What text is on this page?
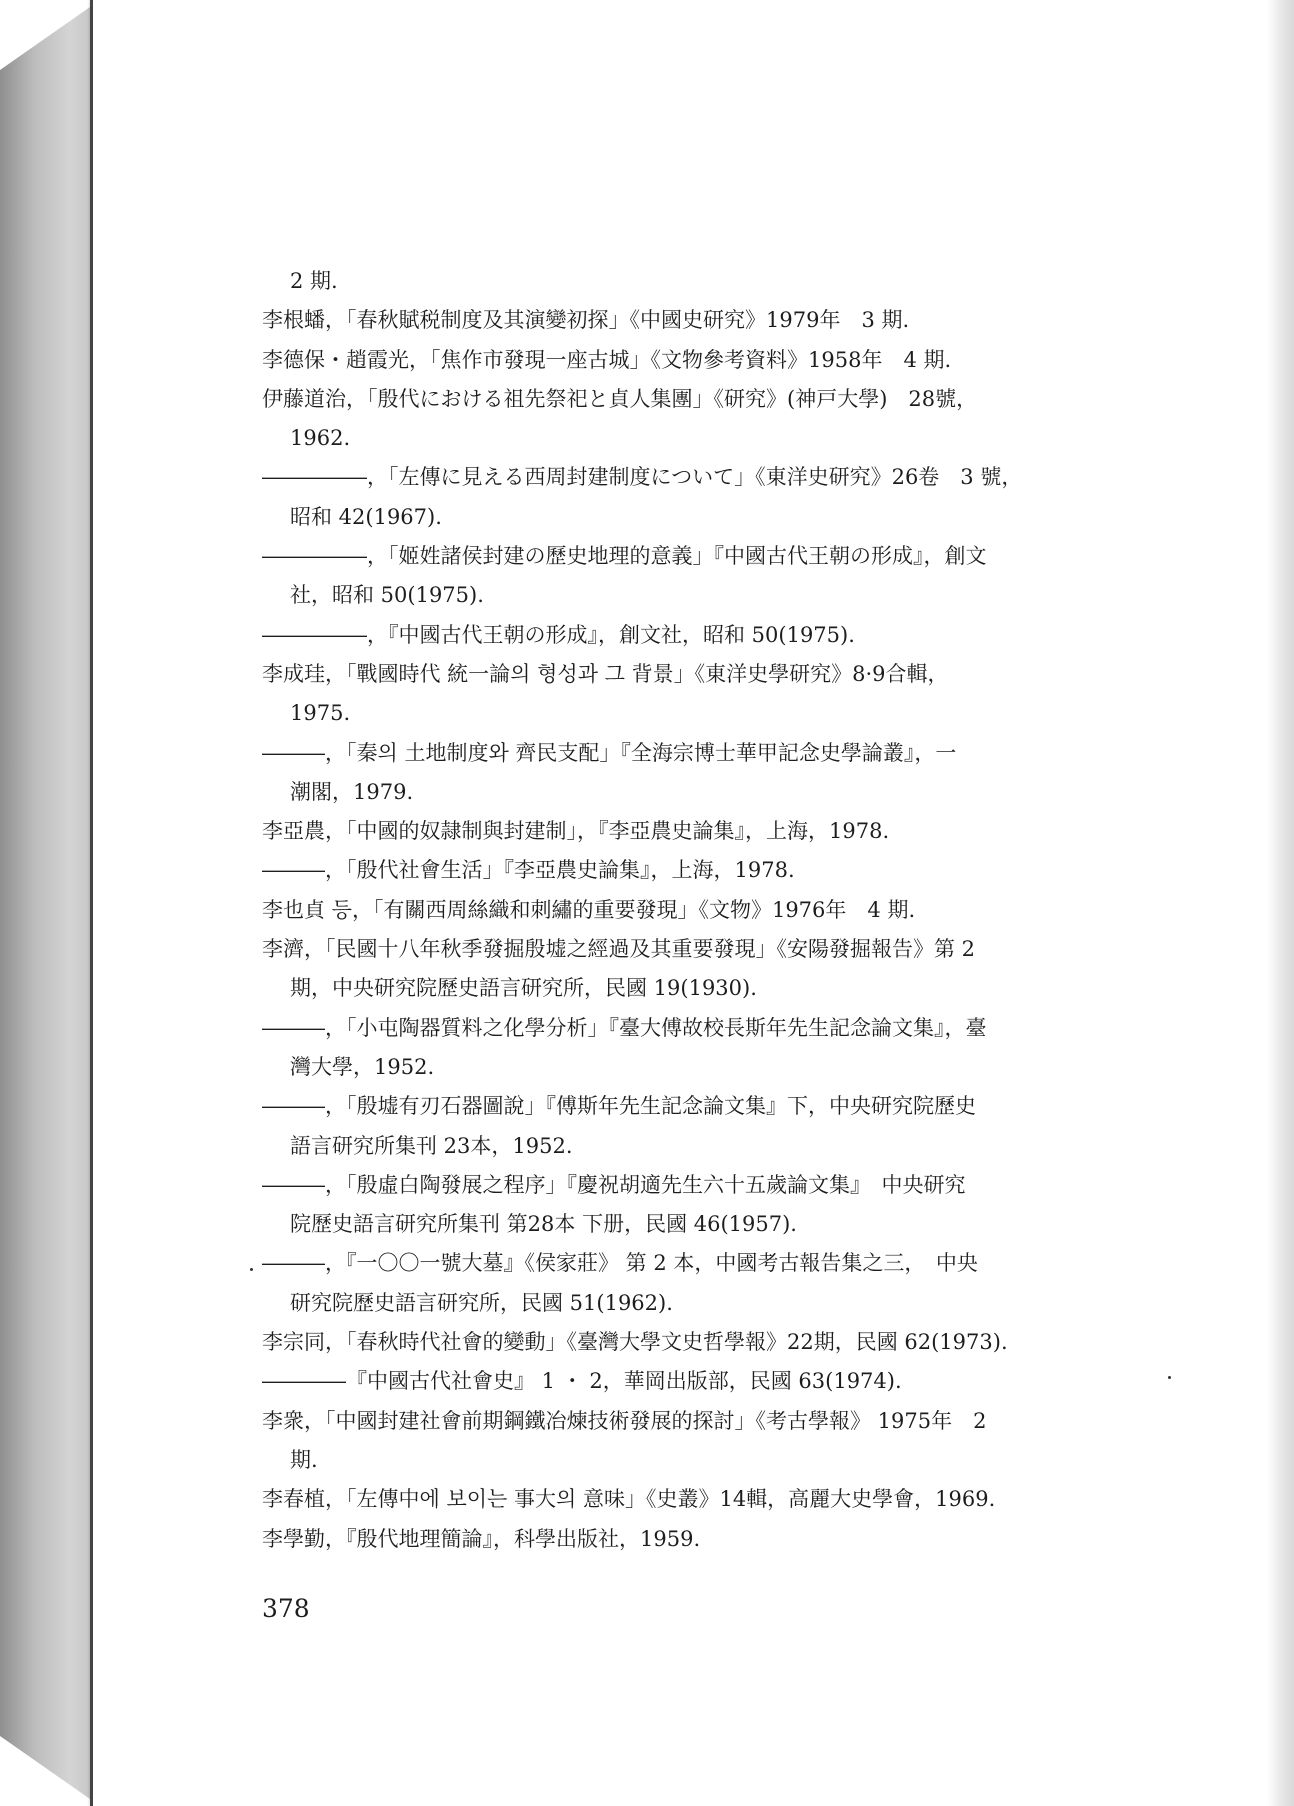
2 期.
李根蟠，「春秋賦税制度及其演變初探」《中國史研究》1979年　3 期.
李德保・趙霞光，「焦作市發現一座古城」《文物參考資料》1958年　4 期.
伊藤道治，「殷代における祖先祭祀と貞人集團」《研究》(神戸大學)　28號，
1962.
―――――，「左傳に見える西周封建制度について」《東洋史研究》26卷　3 號，
昭和 42(1967).
―――――，「姬姓諸侯封建の歷史地理的意義」『中國古代王朝の形成』，創文
社，昭和 50(1975).
―――――，『中國古代王朝の形成』，創文社，昭和 50(1975).
李成珪，「戰國時代 統一論의 형성과 그 背景」《東洋史學研究》8·9合輯，
1975.
―――，「秦의 土地制度와 齊民支配」『全海宗博士華甲記念史學論叢』，一
潮閣，1979.
李亞農，「中國的奴隷制與封建制」，『李亞農史論集』，上海，1978.
―――，「殷代社會生活」『李亞農史論集』，上海，1978.
李也貞 등，「有關西周絲織和刺繡的重要發現」《文物》1976年　4 期.
李濟，「民國十八年秋季發掘殷墟之經過及其重要發現」《安陽發掘報告》第 2
期，中央研究院歷史語言研究所，民國 19(1930).
―――，「小屯陶器質料之化學分析」『臺大傅故校長斯年先生記念論文集』，臺
灣大學，1952.
―――，「殷墟有刃石器圖說」『傅斯年先生記念論文集』下，中央研究院歷史
語言研究所集刊 23本，1952.
―――，「殷虛白陶發展之程序」『慶祝胡適先生六十五歲論文集』　中央研究
院歷史語言研究所集刊 第28本 下册，民國 46(1957).
―――，『一〇〇一號大墓』《侯家莊》 第 2 本，中國考古報告集之三，　中央
研究院歷史語言研究所，民國 51(1962).
李宗同，「春秋時代社會的變動」《臺灣大學文史哲學報》22期，民國 62(1973).
――――『中國古代社會史』 1 ・ 2，華岡出版部，民國 63(1974).
李衆，「中國封建社會前期鋼鐵冶煉技術發展的探討」《考古學報》 1975年　2
期.
李春植，「左傳中에 보이는 事大의 意味」《史叢》14輯，高麗大史學會，1969.
李學勤，『殷代地理簡論』，科學出版社，1959.
378
